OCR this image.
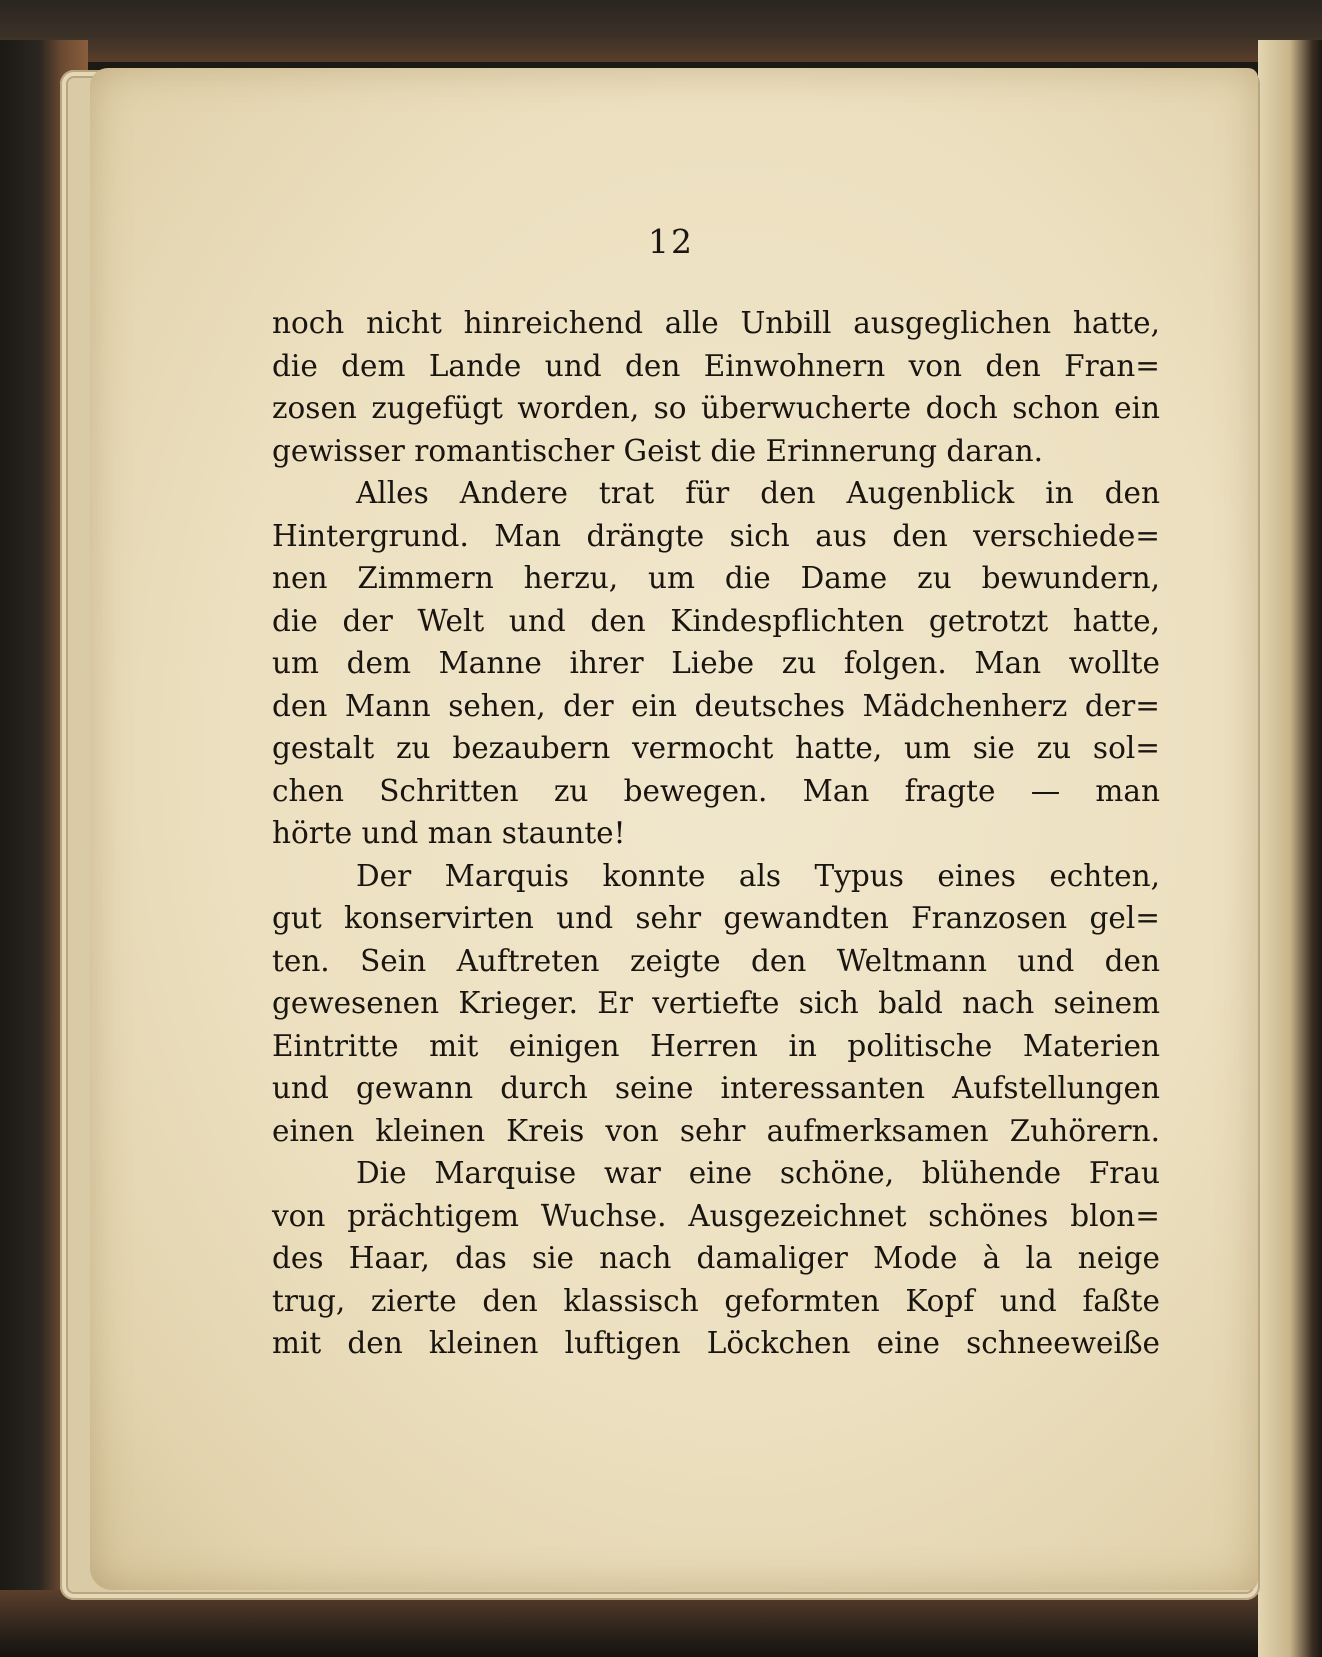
12
noch nicht hinreichend alle Unbill ausgeglichen hatte,
die dem Lande und den Einwohnern von den Fran=
zosen zugefügt worden, so überwucherte doch schon ein
gewisser romantischer Geist die Erinnerung daran.
Alles Andere trat für den Augenblick in den
Hintergrund. Man drängte sich aus den verschiede=
nen Zimmern herzu, um die Dame zu bewundern,
die der Welt und den Kindespflichten getrotzt hatte,
um dem Manne ihrer Liebe zu folgen. Man wollte
den Mann sehen, der ein deutsches Mädchenherz der=
gestalt zu bezaubern vermocht hatte, um sie zu sol=
chen Schritten zu bewegen. Man fragte — man
hörte und man staunte!
Der Marquis konnte als Typus eines echten,
gut konservirten und sehr gewandten Franzosen gel=
ten. Sein Auftreten zeigte den Weltmann und den
gewesenen Krieger. Er vertiefte sich bald nach seinem
Eintritte mit einigen Herren in politische Materien
und gewann durch seine interessanten Aufstellungen
einen kleinen Kreis von sehr aufmerksamen Zuhörern.
Die Marquise war eine schöne, blühende Frau
von prächtigem Wuchse. Ausgezeichnet schönes blon=
des Haar, das sie nach damaliger Mode à la neige
trug, zierte den klassisch geformten Kopf und faßte
mit den kleinen luftigen Löckchen eine schneeweiße
